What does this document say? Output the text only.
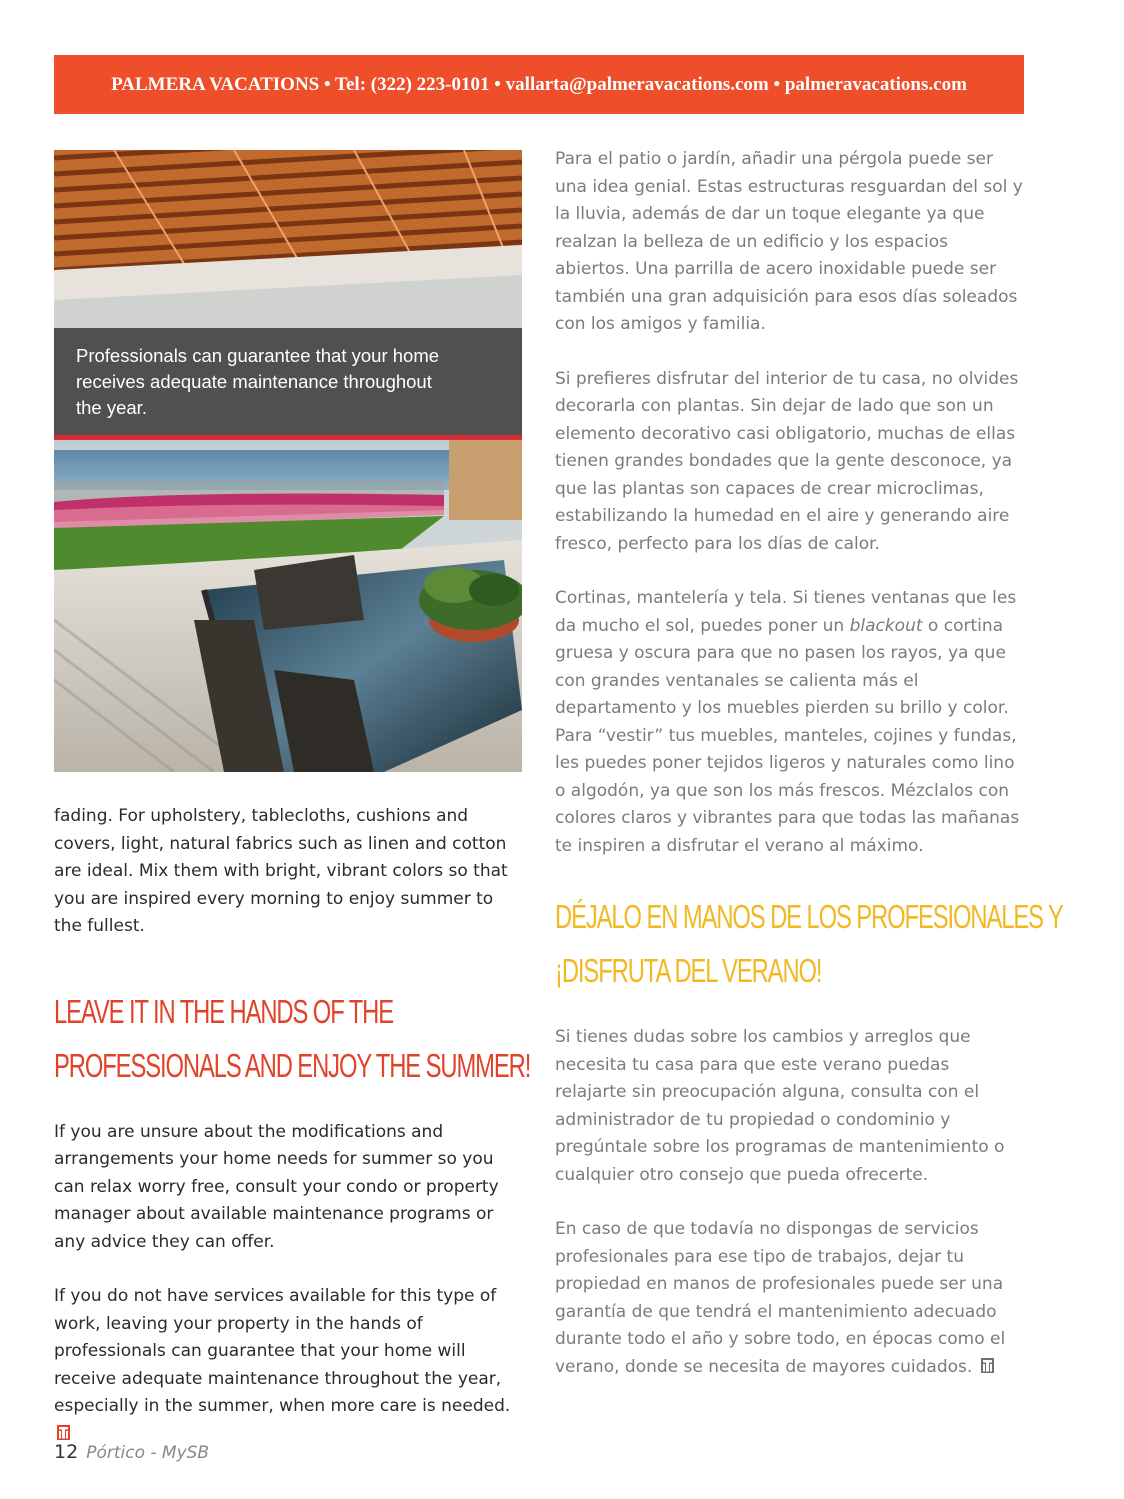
PALMERA VACATIONS • Tel: (322) 223-0101 • vallarta@palmeravacations.com • palmeravacations.com
Professionals can guarantee that your home receives adequate maintenance throughout the year.

fading. For upholstery, tablecloths, cushions and covers, light, natural fabrics such as linen and cotton are ideal. Mix them with bright, vibrant colors so that you are inspired every morning to enjoy summer to the fullest.

LEAVE IT IN THE HANDS OF THE

PROFESSIONALS AND ENJOY THE SUMMER!

If you are unsure about the modifications and arrangements your home needs for summer so you can relax worry free, consult your condo or property manager about available maintenance programs or any advice they can offer.

If you do not have services available for this type of work, leaving your property in the hands of professionals can guarantee that your home will receive adequate maintenance throughout the year, especially in the summer, when more care is needed.

Para el patio o jardín, añadir una pérgola puede ser una idea genial. Estas estructuras resguardan del sol y la lluvia, además de dar un toque elegante ya que realzan la belleza de un edificio y los espacios abiertos. Una parrilla de acero inoxidable puede ser también una gran adquisición para esos días soleados con los amigos y familia.

Si prefieres disfrutar del interior de tu casa, no olvides decorarla con plantas. Sin dejar de lado que son un elemento decorativo casi obligatorio, muchas de ellas tienen grandes bondades que la gente desconoce, ya que las plantas son capaces de crear microclimas, estabilizando la humedad en el aire y generando aire fresco, perfecto para los días de calor.

Cortinas, mantelería y tela. Si tienes ventanas que les da mucho el sol, puedes poner un blackout o cortina gruesa y oscura para que no pasen los rayos, ya que con grandes ventanales se calienta más el departamento y los muebles pierden su brillo y color. Para “vestir” tus muebles, manteles, cojines y fundas, les puedes poner tejidos ligeros y naturales como lino o algodón, ya que son los más frescos. Mézclalos con colores claros y vibrantes para que todas las mañanas te inspiren a disfrutar el verano al máximo.

DÉJALO EN MANOS DE LOS PROFESIONALES Y

¡DISFRUTA DEL VERANO!

Si tienes dudas sobre los cambios y arreglos que necesita tu casa para que este verano puedas relajarte sin preocupación alguna, consulta con el administrador de tu propiedad o condominio y pregúntale sobre los programas de mantenimiento o cualquier otro consejo que pueda ofrecerte.

En caso de que todavía no dispongas de servicios profesionales para ese tipo de trabajos, dejar tu propiedad en manos de profesionales puede ser una garantía de que tendrá el mantenimiento adecuado durante todo el año y sobre todo, en épocas como el verano, donde se necesita de mayores cuidados.

12 Pórtico - MySB
